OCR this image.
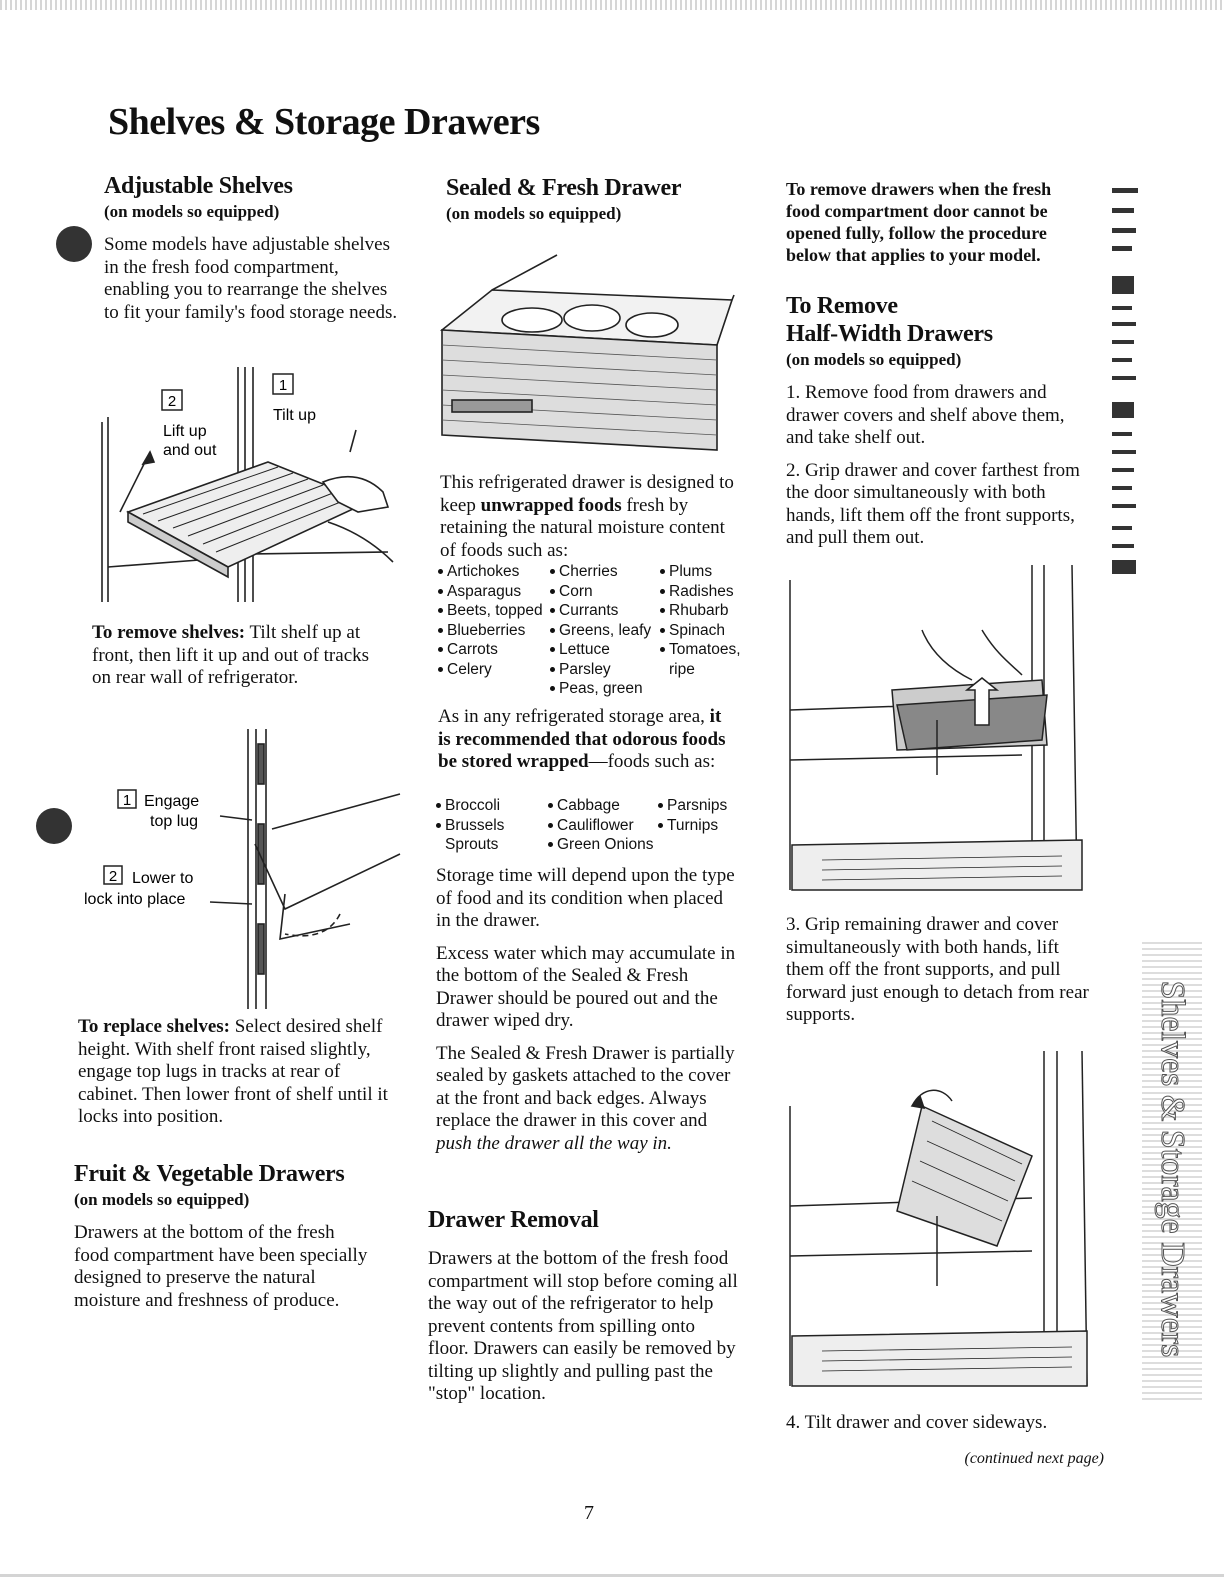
Shelves & Storage Drawers
Adjustable Shelves
(on models so equipped)

Some models have adjustable shelves in the fresh food compartment, enabling you to rearrange the shelves to fit your family's food storage needs.

2
Lift up
and out
1
Tilt up

To remove shelves: Tilt shelf up at front, then lift it up and out of tracks on rear wall of refrigerator.

1 Engage
top lug
2 Lower to
lock into place

To replace shelves: Select desired shelf height. With shelf front raised slightly, engage top lugs in tracks at rear of cabinet. Then lower front of shelf until it locks into position.

Fruit & Vegetable Drawers
(on models so equipped)

Drawers at the bottom of the fresh food compartment have been specially designed to preserve the natural moisture and freshness of produce.

Sealed & Fresh Drawer
(on models so equipped)

This refrigerated drawer is designed to keep unwrapped foods fresh by retaining the natural moisture content of foods such as:

Artichokes
Asparagus
Beets, topped
Blueberries
Carrots
Celery
Cherries
Corn
Currants
Greens, leafy
Lettuce
Parsley
Peas, green
Plums
Radishes
Rhubarb
Spinach
Tomatoes,
ripe

As in any refrigerated storage area, it is recommended that odorous foods be stored wrapped—foods such as:

Broccoli
Brussels
Sprouts
Cabbage
Cauliflower
Green Onions
Parsnips
Turnips

Storage time will depend upon the type of food and its condition when placed in the drawer.

Excess water which may accumulate in the bottom of the Sealed & Fresh Drawer should be poured out and the drawer wiped dry.

The Sealed & Fresh Drawer is partially sealed by gaskets attached to the cover at the front and back edges. Always replace the drawer in this cover and push the drawer all the way in.

Drawer Removal

Drawers at the bottom of the fresh food compartment will stop before coming all the way out of the refrigerator to help prevent contents from spilling onto floor. Drawers can easily be removed by tilting up slightly and pulling past the "stop" location.

To remove drawers when the fresh food compartment door cannot be opened fully, follow the procedure below that applies to your model.

To Remove
Half-Width Drawers
(on models so equipped)

1. Remove food from drawers and drawer covers and shelf above them, and take shelf out.

2. Grip drawer and cover farthest from the door simultaneously with both hands, lift them off the front supports, and pull them out.

3. Grip remaining drawer and cover simultaneously with both hands, lift them off the front supports, and pull forward just enough to detach from rear supports.

4. Tilt drawer and cover sideways.

(continued next page)
Shelves & Storage Drawers
7
